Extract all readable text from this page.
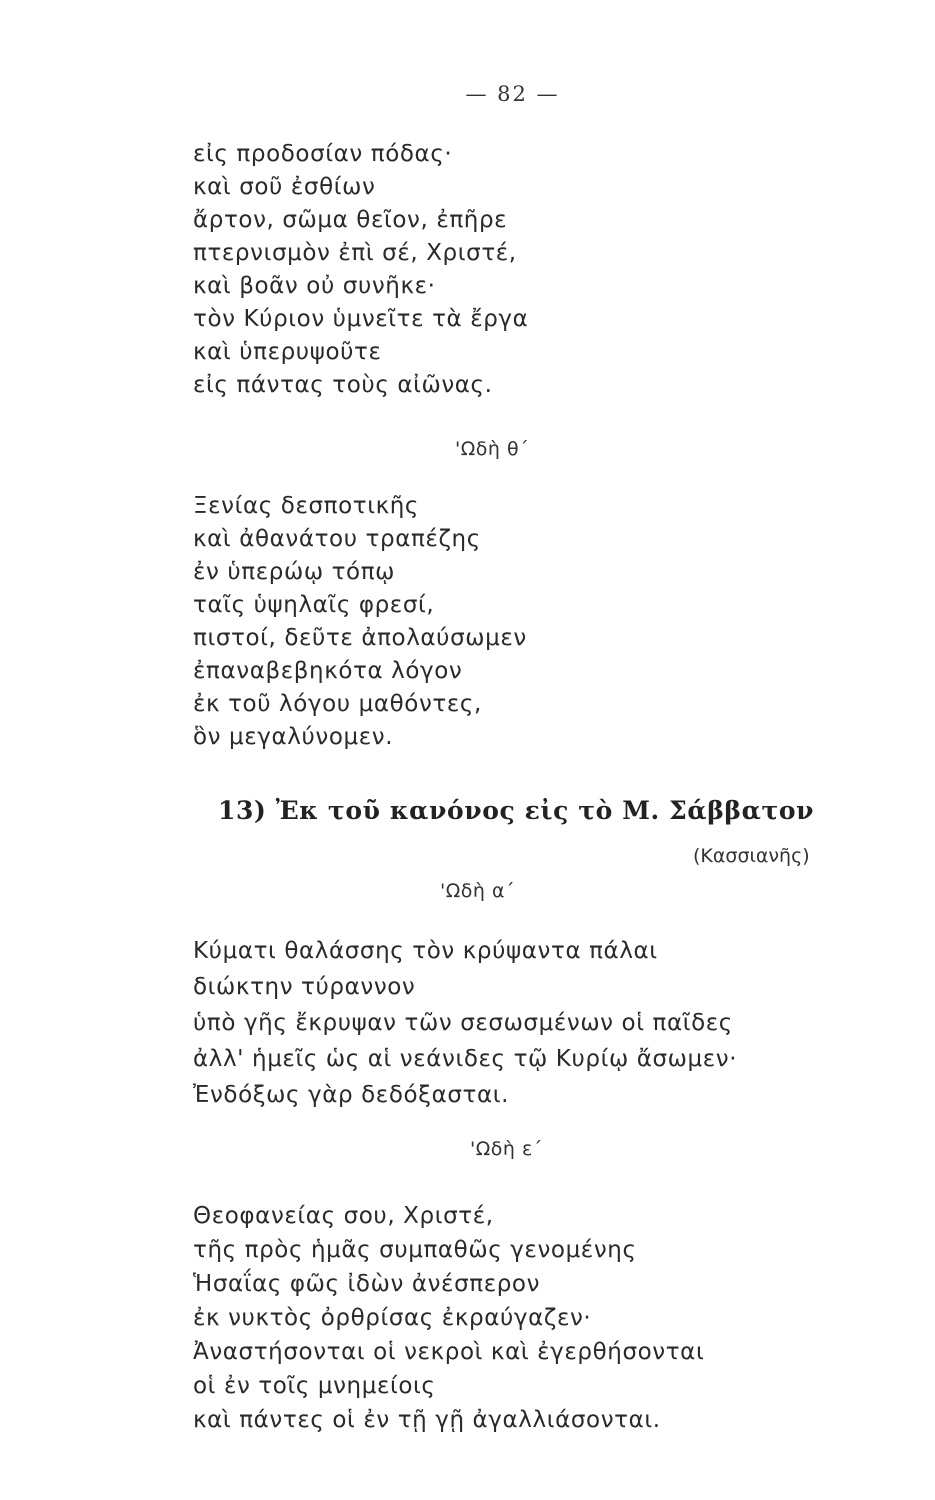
— 82 —
εἰς προδοσίαν πόδας·
καὶ σοῦ ἐσθίων
ἄρτον, σῶμα θεῖον, ἐπῆρε
πτερνισμὸν ἐπὶ σέ, Χριστέ,
καὶ βοᾶν οὐ συνῆκε·
τὸν Κύριον ὑμνεῖτε τὰ ἔργα
καὶ ὑπερυψοῦτε
εἰς πάντας τοὺς αἰῶνας.
'Ωδὴ θ΄
Ξενίας δεσποτικῆς
καὶ ἀθανάτου τραπέζης
ἐν ὑπερώῳ τόπῳ
ταῖς ὑψηλαῖς φρεσί,
πιστοί, δεῦτε ἀπολαύσωμεν
ἐπαναβεβηκότα λόγον
ἐκ τοῦ λόγου μαθόντες,
ὃν μεγαλύνομεν.
13) Ἐκ τοῦ κανόνος εἰς τὸ Μ. Σάββατον
(Κασσιανῆς)
'Ωδὴ α΄
Κύματι θαλάσσης τὸν κρύψαντα πάλαι
διώκτην τύραννον
ὑπὸ γῆς ἔκρυψαν τῶν σεσωσμένων οἱ παῖδες
ἀλλ' ἡμεῖς ὡς αἱ νεάνιδες τῷ Κυρίῳ ἄσωμεν·
Ἐνδόξως γὰρ δεδόξασται.
'Ωδὴ ε΄
Θεοφανείας σου, Χριστέ,
τῆς πρὸς ἡμᾶς συμπαθῶς γενομένης
Ἡσαΐας φῶς ἰδὼν ἀνέσπερον
ἐκ νυκτὸς ὀρθρίσας ἐκραύγαζεν·
Ἀναστήσονται οἱ νεκροὶ καὶ ἐγερθήσονται
οἱ ἐν τοῖς μνημείοις
καὶ πάντες οἱ ἐν τῇ γῇ ἀγαλλιάσονται.
